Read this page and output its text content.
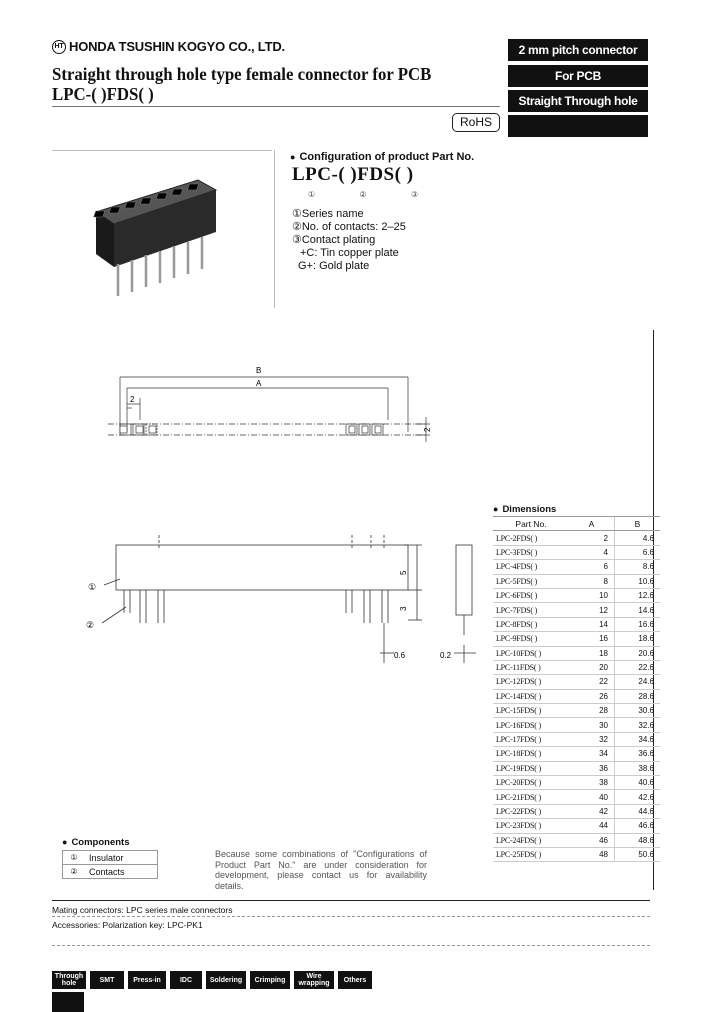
HT HONDA TSUSHIN KOGYO CO., LTD.
Straight through hole type female connector for PCB
LPC-( )FDS( )
2 mm pitch connector
For PCB
Straight Through hole
RoHS
● Configuration of product Part No.
LPC-( )FDS( )
①	②	③
①Series name
②No. of contacts: 2–25
③Contact plating
+C: Tin copper plate
G+: Gold plate
B
A
2
2
5
3
0.6	0.2
①
②
● Dimensions
Part No.	A	B
LPC-2FDS( )	2	4.6
LPC-3FDS( )	4	6.6
LPC-4FDS( )	6	8.6
LPC-5FDS( )	8	10.6
LPC-6FDS( )	10	12.6
LPC-7FDS( )	12	14.6
LPC-8FDS( )	14	16.6
LPC-9FDS( )	16	18.6
LPC-10FDS( )	18	20.6
LPC-11FDS( )	20	22.6
LPC-12FDS( )	22	24.6
LPC-14FDS( )	26	28.6
LPC-15FDS( )	28	30.6
LPC-16FDS( )	30	32.6
LPC-17FDS( )	32	34.6
LPC-18FDS( )	34	36.6
LPC-19FDS( )	36	38.6
LPC-20FDS( )	38	40.6
LPC-21FDS( )	40	42.6
LPC-22FDS( )	42	44.6
LPC-23FDS( )	44	46.6
LPC-24FDS( )	46	48.6
LPC-25FDS( )	48	50.6
● Components
①	Insulator
②	Contacts
Because some combinations of "Configurations of Product Part No." are under consideration for development, please contact us for availability details.
Mating connectors: LPC series male connectors
Accessories: Polarization key: LPC-PK1
Through hole	SMT	Press-in	IDC	Soldering	Crimping	Wire wrapping	Others
